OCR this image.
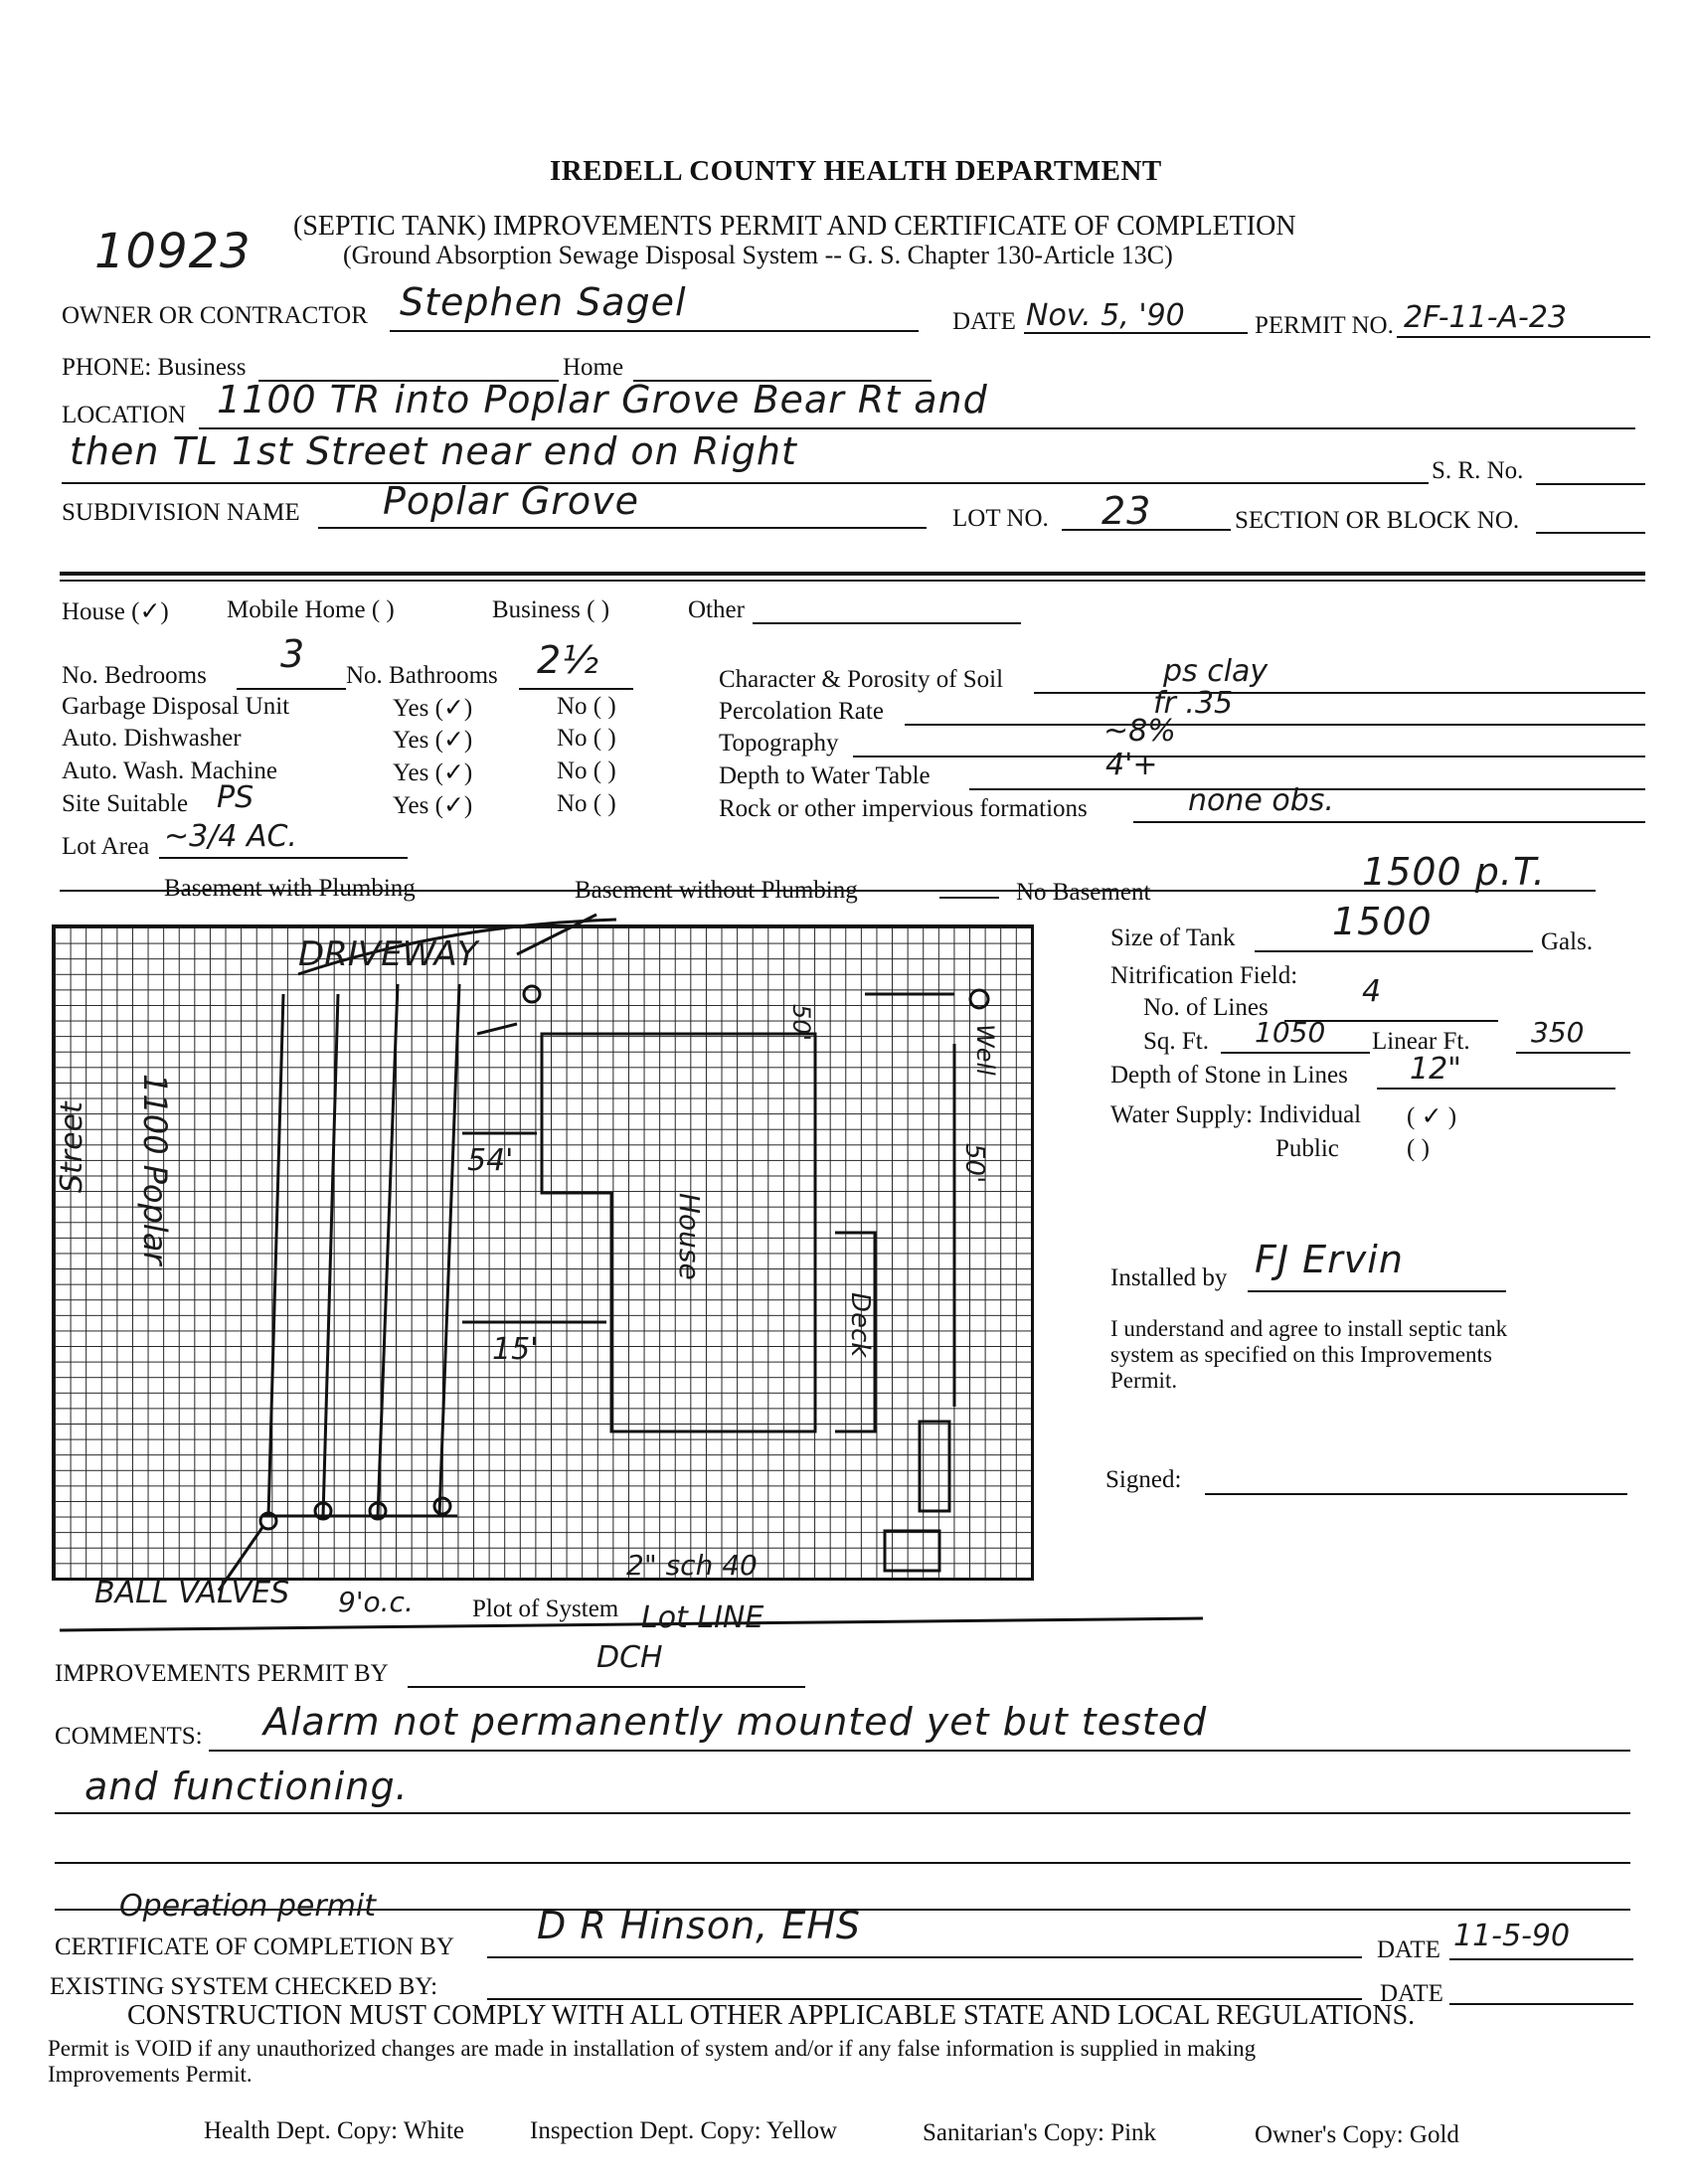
IREDELL COUNTY HEALTH DEPARTMENT
10923 (SEPTIC TANK) IMPROVEMENTS PERMIT AND CERTIFICATE OF COMPLETION
(Ground Absorption Sewage Disposal System -- G. S. Chapter 130-Article 13C)
OWNER OR CONTRACTOR Stephen Sagel	DATE Nov. 5, '90	PERMIT NO. 2F-11-A-23
PHONE: Business	Home
LOCATION 1100 TR into Poplar Grove Bear Rt and
then TL 1st Street near end on Right	S. R. No.
SUBDIVISION NAME Poplar Grove	LOT NO. 23	SECTION OR BLOCK NO.
House (✓) Mobile Home ( )	Business ( )	Other
No. Bedrooms 3 No. Bathrooms 2½
Garbage Disposal Unit	Yes (✓)	No ( )
Auto. Dishwasher	Yes (✓)	No ( )
Auto. Wash. Machine	Yes (✓)	No ( )
Site Suitable PS	Yes (✓)	No ( )
Lot Area ~3/4 AC.
Character & Porosity of Soil	ps clay
Percolation Rate	fr .35
Topography	~8%
Depth to Water Table	4'+
Rock or other impervious formations	none obs.
Basement with Plumbing	Basement without Plumbing	No Basement	1500 p.T.
Size of Tank	1500	Gals.
Nitrification Field:
No. of Lines	4
Sq. Ft. 1050 Linear Ft. 350
Depth of Stone in Lines 12"
Water Supply: Individual ( ✓ )
Public	( )
Installed by FJ Ervin
I understand and agree to install septic tank
system as specified on this Improvements
Permit.
Signed:
DRIVEWAY
Well
54'
15'
50'
50'
House
Deck
1100 Poplar
Street
BALL VALVES 9'o.c.
2" sch 40
Plot of System Lot LINE
IMPROVEMENTS PERMIT BY	DCH
COMMENTS: Alarm not permanently mounted yet but tested
and functioning.
Operation permit
CERTIFICATE OF COMPLETION BY D R Hinson, EHS
DATE 11-5-90
EXISTING SYSTEM CHECKED BY:	DATE
CONSTRUCTION MUST COMPLY WITH ALL OTHER APPLICABLE STATE AND LOCAL REGULATIONS.
Permit is VOID if any unauthorized changes are made in installation of system and/or if any false information is supplied in making
Improvements Permit.
Health Dept. Copy: White	Inspection Dept. Copy: Yellow	Sanitarian's Copy: Pink	Owner's Copy: Gold
